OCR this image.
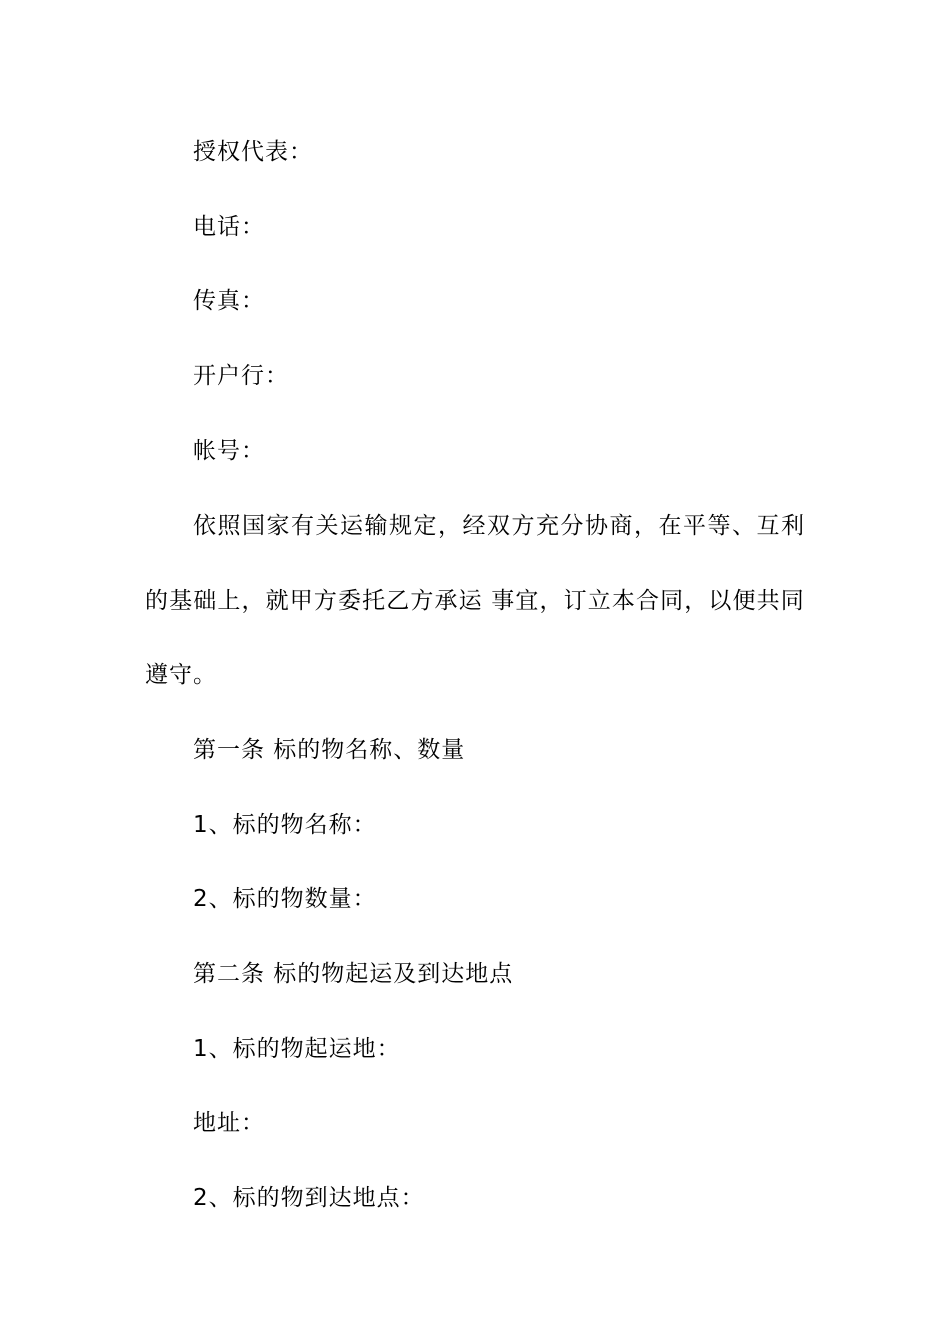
授权代表：
电话：
传真：
开户行：
帐号：
依 照 国 家 有 关 运 输 规 定 ， 经 双 方 充 分 协 商 ， 在 平 等 、 互 利
的 基 础 上 ， 就 甲 方 委 托 乙 方 承 运
事 宜 ， 订 立 本 合 同 ， 以 便 共 同
遵守。
第一条 标的物名称、数量
1、标的物名称：
2、标的物数量：
第二条 标的物起运及到达地点
1、标的物起运地：
地址：
2、标的物到达地点：
